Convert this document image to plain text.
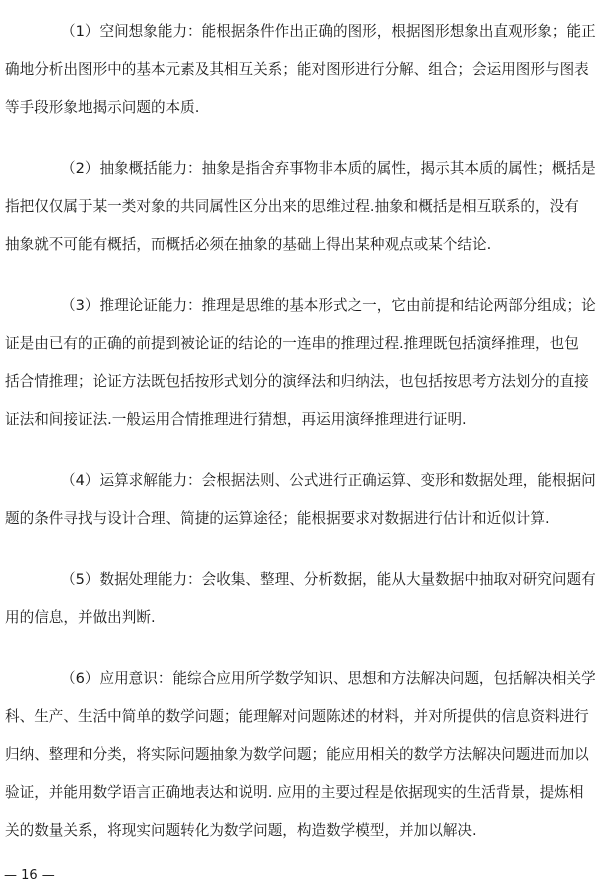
（1）空间想象能力：能根据条件作出正确的图形，根据图形想象出直观形象；能正
确地分析出图形中的基本元素及其相互关系；能对图形进行分解、组合；会运用图形与图表
等手段形象地揭示问题的本质.
（2）抽象概括能力：抽象是指舍弃事物非本质的属性，揭示其本质的属性；概括是
指把仅仅属于某一类对象的共同属性区分出来的思维过程.抽象和概括是相互联系的，没有
抽象就不可能有概括，而概括必须在抽象的基础上得出某种观点或某个结论.
（3）推理论证能力：推理是思维的基本形式之一，它由前提和结论两部分组成；论
证是由已有的正确的前提到被论证的结论的一连串的推理过程.推理既包括演绎推理，也包
括合情推理；论证方法既包括按形式划分的演绎法和归纳法，也包括按思考方法划分的直接
证法和间接证法.一般运用合情推理进行猜想，再运用演绎推理进行证明.
（4）运算求解能力：会根据法则、公式进行正确运算、变形和数据处理，能根据问
题的条件寻找与设计合理、简捷的运算途径；能根据要求对数据进行估计和近似计算.
（5）数据处理能力：会收集、整理、分析数据，能从大量数据中抽取对研究问题有
用的信息，并做出判断.
（6）应用意识：能综合应用所学数学知识、思想和方法解决问题，包括解决相关学
科、生产、生活中简单的数学问题；能理解对问题陈述的材料，并对所提供的信息资料进行
归纳、整理和分类，将实际问题抽象为数学问题；能应用相关的数学方法解决问题进而加以
验证，并能用数学语言正确地表达和说明. 应用的主要过程是依据现实的生活背景，提炼相
关的数量关系，将现实问题转化为数学问题，构造数学模型，并加以解决.
— 16 —
